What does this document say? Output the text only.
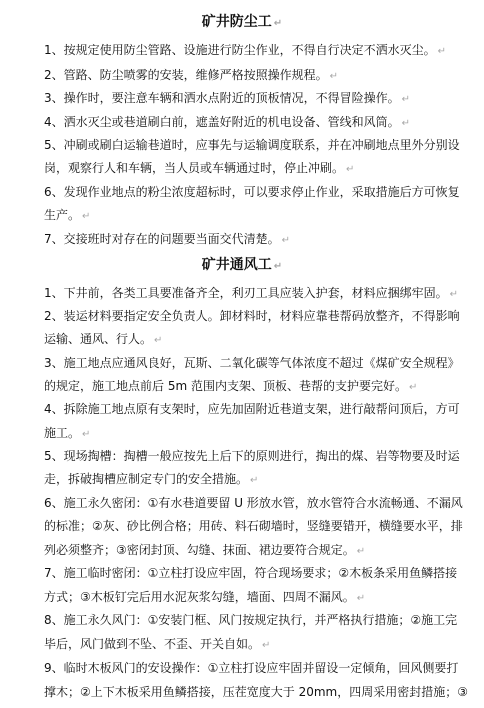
矿井防尘工 ↵
1、按规定使用防尘管路、设施进行防尘作业，不得自行决定不洒水灭尘。 ↵
2、管路、防尘喷雾的安装，维修严格按照操作规程。 ↵
3、操作时，要注意车辆和洒水点附近的顶板情况，不得冒险操作。 ↵
4、洒水灭尘或巷道刷白前，遮盖好附近的机电设备、管线和风筒。 ↵
5、冲刷或刷白运输巷道时，应事先与运输调度联系，并在冲刷地点里外分别设
岗，观察行人和车辆，当人员或车辆通过时，停止冲刷。 ↵
6、发现作业地点的粉尘浓度超标时，可以要求停止作业，采取措施后方可恢复
生产。 ↵
7、交接班时对存在的问题要当面交代清楚。 ↵
矿井通风工 ↵
1、下井前，各类工具要准备齐全，利刃工具应装入护套，材料应捆绑牢固。 ↵
2、装运材料要指定安全负责人。卸材料时，材料应靠巷帮码放整齐，不得影响
运输、通风、行人。 ↵
3、施工地点应通风良好，瓦斯、二氧化碳等气体浓度不超过《煤矿安全规程》
的规定，施工地点前后 5m 范围内支架、顶板、巷帮的支护要完好。 ↵
4、拆除施工地点原有支架时，应先加固附近巷道支架，进行敲帮问顶后，方可
施工。 ↵
5、现场掏槽：掏槽一般应按先上后下的原则进行，掏出的煤、岩等物要及时运
走，拆破掏槽应制定专门的安全措施。 ↵
6、施工永久密闭：①有水巷道要留 U 形放水管，放水管符合水流畅通、不漏风
的标准；②灰、砂比例合格；用砖、料石砌墙时，竖缝要错开，横缝要水平，排
列必须整齐；③密闭封顶、勾缝、抹面、裙边要符合规定。 ↵
7、施工临时密闭：①立柱打设应牢固，符合现场要求；②木板条采用鱼鳞搭接
方式；③木板钉完后用水泥灰浆勾缝，墙面、四周不漏风。 ↵
8、施工永久风门：①安装门框、风门按规定执行，并严格执行措施；②施工完
毕后，风门做到不坠、不歪、开关自如。 ↵
9、临时木板风门的安设操作：①立柱打设应牢固并留设一定倾角，回风侧要打
撑木；②上下木板采用鱼鳞搭接，压茬宽度大于 20mm，四周采用密封措施；③
